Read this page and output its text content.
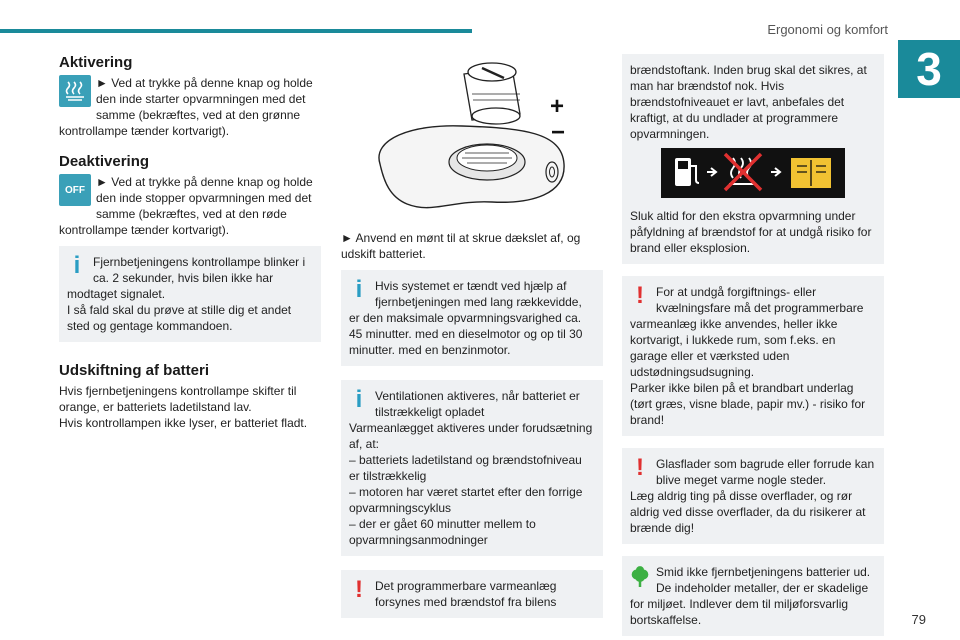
Ergonomi og komfort
3
79
Aktivering

► Ved at trykke på denne knap og holde den inde starter opvarmningen med det samme (bekræftes, ved at den grønne kontrollampe tænder kortvarigt).

Deaktivering
OFF

► Ved at trykke på denne knap og holde den inde stopper opvarmningen med det samme (bekræftes, ved at den røde kontrollampe tænder kortvarigt).

i	Fjernbetjeningens kontrollampe blinker i ca. 2 sekunder, hvis bilen ikke har modtaget signalet.

I så fald skal du prøve at stille dig et andet sted og gentage kommandoen.

Udskiftning af batteri

Hvis fjernbetjeningens kontrollampe skifter til orange, er batteriets ladetilstand lav.

Hvis kontrollampen ikke lyser, er batteriet fladt.

+
−

► Anvend en mønt til at skrue dækslet af, og udskift batteriet.

i	Hvis systemet er tændt ved hjælp af fjernbetjeningen med lang rækkevidde, er den maksimale opvarmningsvarighed ca. 45 minutter. med en dieselmotor og op til 30 minutter. med en benzinmotor.

i	Ventilationen aktiveres, når batteriet er tilstrækkeligt opladet

Varmeanlægget aktiveres under forudsætning af, at:

– batteriets ladetilstand og brændstofniveau er tilstrækkelig

– motoren har været startet efter den forrige opvarmningscyklus

– der er gået 60 minutter mellem to opvarmningsanmodninger

!	Det programmerbare varmeanlæg forsynes med brændstof fra bilens

brændstoftank. Inden brug skal det sikres, at man har brændstof nok. Hvis brændstofniveauet er lavt, anbefales det kraftigt, at du undlader at programmere opvarmningen.

Sluk altid for den ekstra opvarmning under påfyldning af brændstof for at undgå risiko for brand eller eksplosion.

!	For at undgå forgiftnings- eller kvælningsfare må det programmerbare varmeanlæg ikke anvendes, heller ikke kortvarigt, i lukkede rum, som f.eks. en garage eller et værksted uden udstødningsudsugning.

Parker ikke bilen på et brandbart underlag (tørt græs, visne blade, papir mv.) - risiko for brand!

!	Glasflader som bagrude eller forrude kan blive meget varme nogle steder.

Læg aldrig ting på disse overflader, og rør aldrig ved disse overflader, da du risikerer at brænde dig!

Smid ikke fjernbetjeningens batterier ud. De indeholder metaller, der er skadelige for miljøet. Indlever dem til miljøforsvarlig bortskaffelse.
